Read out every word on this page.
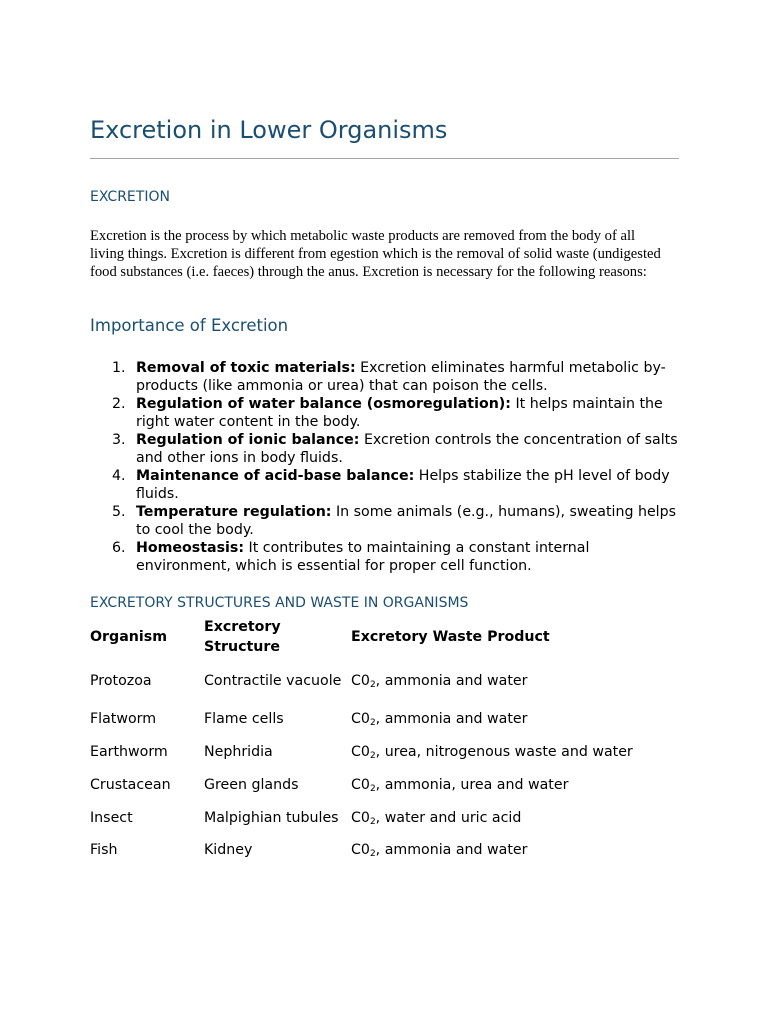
Excretion in Lower Organisms
EXCRETION

Excretion is the process by which metabolic waste products are removed from the body of all living things. Excretion is different from egestion which is the removal of solid waste (undigested food substances (i.e. faeces) through the anus. Excretion is necessary for the following reasons:

Importance of Excretion
1. Removal of toxic materials: Excretion eliminates harmful metabolic by-products (like ammonia or urea) that can poison the cells.
2. Regulation of water balance (osmoregulation): It helps maintain the right water content in the body.
3. Regulation of ionic balance: Excretion controls the concentration of salts and other ions in body fluids.
4. Maintenance of acid-base balance: Helps stabilize the pH level of body fluids.
5. Temperature regulation: In some animals (e.g., humans), sweating helps to cool the body.
6. Homeostasis: It contributes to maintaining a constant internal environment, which is essential for proper cell function.
EXCRETORY STRUCTURES AND WASTE IN ORGANISMS
Organism	Excretory Structure	Excretory Waste Product
Protozoa	Contractile vacuole	$C0_2$, ammonia and water
Flatworm	Flame cells	$C0_2$, ammonia and water
Earthworm	Nephridia	$C0_2$, urea, nitrogenous waste and water
Crustacean	Green glands	$C0_2$, ammonia, urea and water
Insect	Malpighian tubules	$C0_2$, water and uric acid
Fish	Kidney	$C0_2$, ammonia and water
